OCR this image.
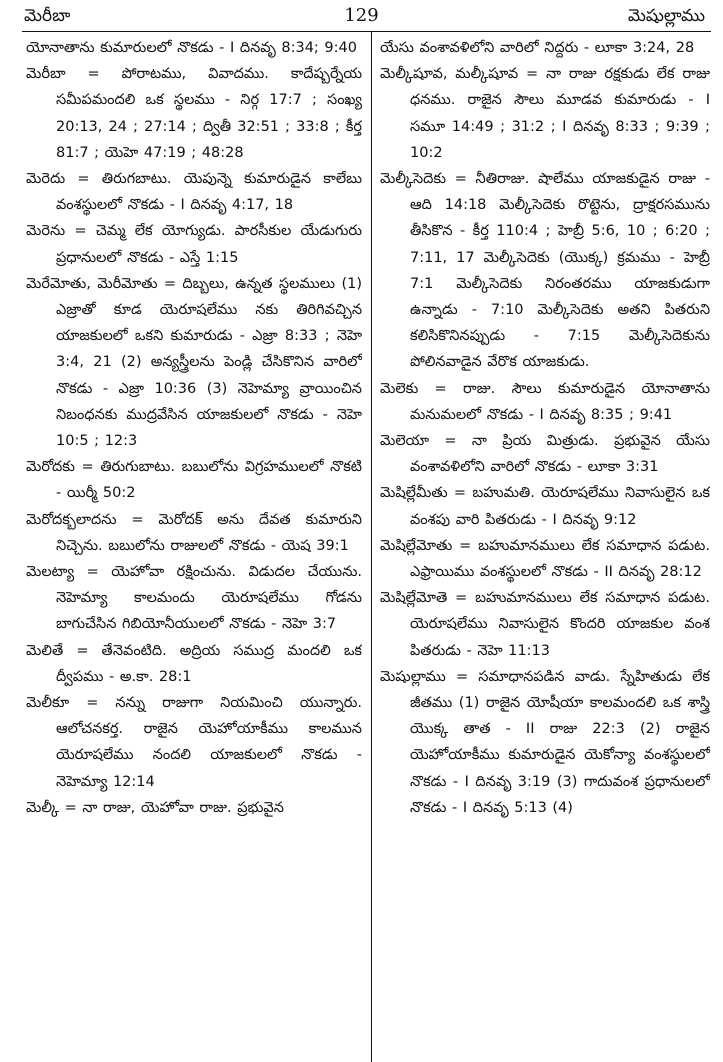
మెరీబా	129	మెషుల్లాము

యోనాతాను కుమారులలో నొకడు - I దినవృ 8:34; 9:40

మెరీబా = పోరాటము, వివాదము. కాదేష్బర్నేయ సమీపమందలి ఒక స్థలము - నిర్గ 17:7 ; సంఖ్య 20:13, 24 ; 27:14 ; ద్వితీ 32:51 ; 33:8 ; కీర్త 81:7 ; యెహె 47:19 ; 48:28

మెరెదు = తిరుగబాటు. యెపున్నె కుమారుడైన కాలేబు వంశస్థులలో నొకడు - I దినవృ 4:17, 18

మెరెను = చెమ్మ లేక యోగ్యుడు. పారసీకుల యేడుగురు ప్రధానులలో నొకడు - ఎస్తే 1:15

మెరేమోతు, మెరీమోతు = దిబ్బలు, ఉన్నత స్థలములు (1) ఎజ్రాతో కూడ యెరూషలేము నకు తిరిగివచ్చిన యాజకులలో ఒకని కుమారుడు - ఎజ్రా 8:33 ; నెహె 3:4, 21 (2) అన్యస్త్రీలను పెండ్లి చేసికొనిన వారిలో నొకడు - ఎజ్రా 10:36 (3) నెహెమ్యా వ్రాయించిన నిబంధనకు ముద్రవేసిన యాజకులలో నొకడు - నెహె 10:5 ; 12:3

మెరోదకు = తిరుగుబాటు. బబులోను విగ్రహములలో నొకటి - యిర్మీ 50:2

మెరోదక్బలాదను = మెరోదక్ అను దేవత కుమారుని నిచ్చెను. బబులోను రాజులలో నొకడు - యెష 39:1

మెలట్యా = యెహోవా రక్షించును. విడుదల చేయును. నెహెమ్యా కాలమందు యెరూషలేము గోడను బాగుచేసిన గిబియోనీయులలో నొకడు - నెహె 3:7

మెలితే = తేనెవంటిది. అద్రియ సముద్ర మందలి ఒక ద్వీపము - అ.కా. 28:1

మెలీకూ = నన్ను రాజుగా నియమించి యున్నారు. ఆలోచనకర్త. రాజైన యెహోయాకీము కాలమున యెరూషలేము నందలి యాజకులలో నొకడు - నెహెమ్యా 12:14

మెల్కీ = నా రాజు, యెహోవా రాజు. ప్రభువైన

యేసు వంశావళిలోని వారిలో నిద్దరు - లూకా 3:24, 28

మెల్కీషూవ, మల్కీషూవ = నా రాజు రక్షకుడు లేక రాజు ధనము. రాజైన సౌలు మూడవ కుమారుడు - I సమూ 14:49 ; 31:2 ; I దినవృ 8:33 ; 9:39 ; 10:2

మెల్కీసెదెకు = నీతిరాజు. షాలేము యాజకుడైన రాజు - ఆది 14:18 మెల్కీసెదెకు రొట్టెను, ద్రాక్షరసమును తీసికొన - కీర్త 110:4 ; హెబ్రీ 5:6, 10 ; 6:20 ; 7:11, 17 మెల్కీసెదెకు (యొక్క) క్రమము - హెబ్రీ 7:1 మెల్కీసెదెకు నిరంతరము యాజకుడుగా ఉన్నాడు - 7:10 మెల్కీసెదెకు అతని పితరుని కలిసికొనినప్పుడు - 7:15 మెల్కీసెదెకును పోలినవాడైన వేరొక యాజకుడు.

మెలెకు = రాజు. సౌలు కుమారుడైన యోనాతాను మనుమలలో నొకడు - I దినవృ 8:35 ; 9:41

మెలెయా = నా ప్రియ మిత్రుడు. ప్రభువైన యేసు వంశావళిలోని వారిలో నొకడు - లూకా 3:31

మెషిల్లేమీతు = బహుమతి. యెరూషలేము నివాసులైన ఒక వంశపు వారి పితరుడు - I దినవృ 9:12

మెషిల్లేమోతు = బహుమానములు లేక సమాధాన పడుట. ఎఫ్రాయిము వంశస్థులలో నొకడు - II దినవృ 28:12

మెషిల్లేమోతె = బహుమానములు లేక సమాధాన పడుట. యెరూషలేము నివాసులైన కొందరి యాజకుల వంశ పితరుడు - నెహె 11:13

మెషుల్లాము = సమాధానపడిన వాడు. స్నేహితుడు లేక జీతము (1) రాజైన యోషీయా కాలమందలి ఒక శాస్త్రి యొక్క తాత - II రాజు 22:3 (2) రాజైన యెహోయాకీము కుమారుడైన యెకోన్యా వంశస్థులలో నొకడు - I దినవృ 3:19 (3) గాదువంశ ప్రధానులలో నొకడు - I దినవృ 5:13 (4)
